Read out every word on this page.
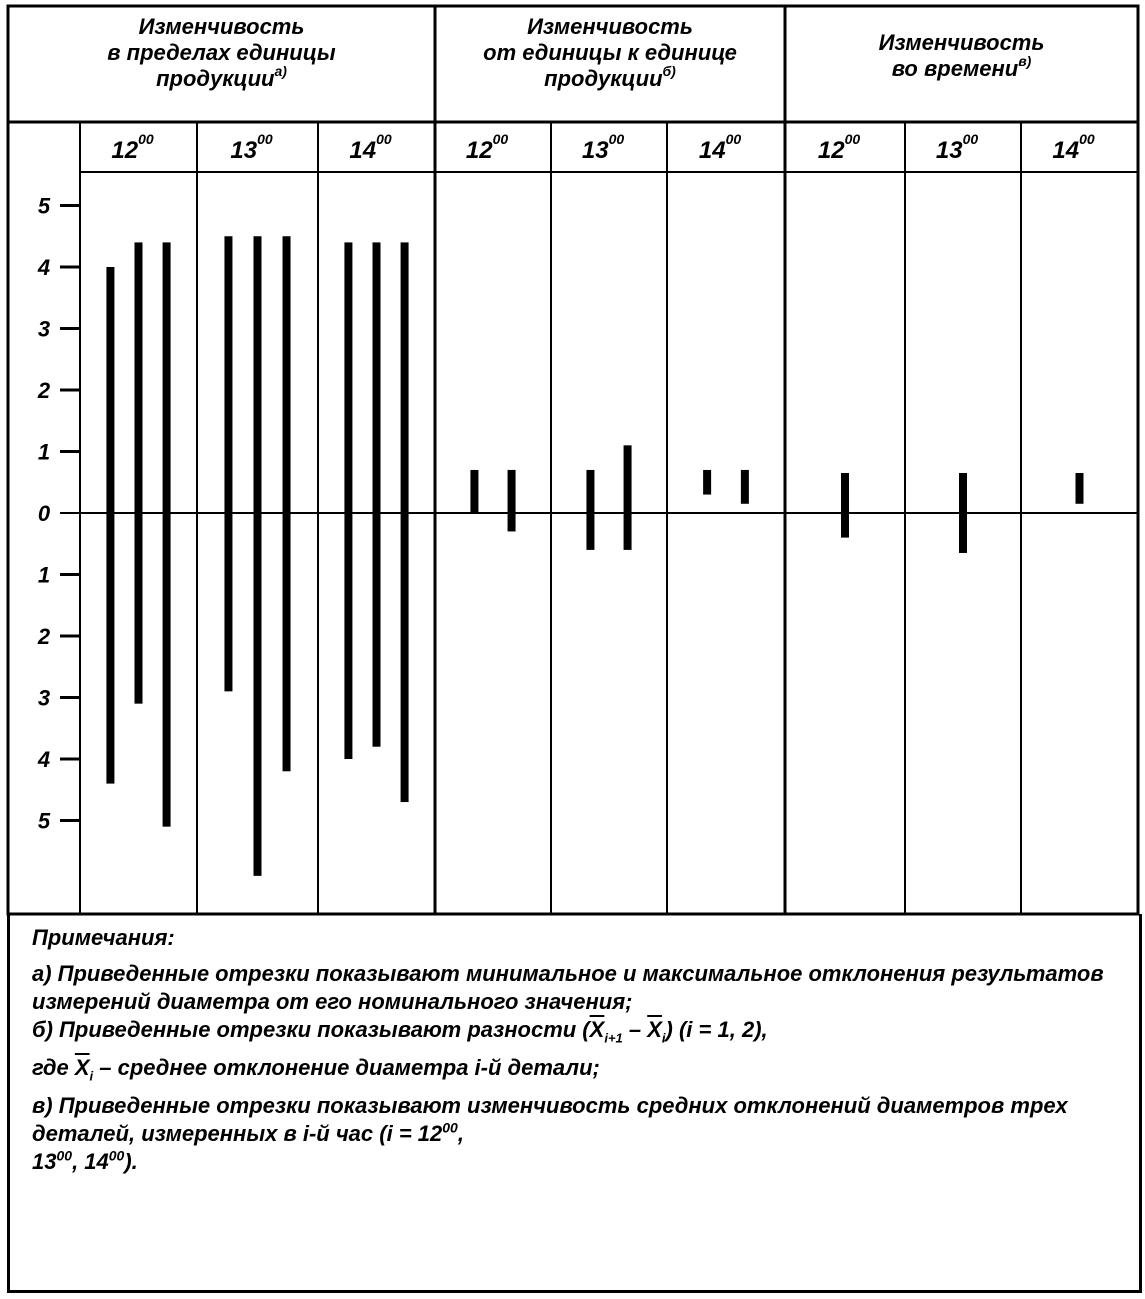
Изменчивость
в пределах единицы
продукции$^{а)}$
Изменчивость
от единицы к единице
продукции$^{б)}$
Изменчивость
во времени$^{в)}$
$12^{00}$	$13^{00}$	$14^{00}$	$12^{00}$	$13^{00}$	$14^{00}$	$12^{00}$	$13^{00}$	$14^{00}$
5
4
3
2
1
0
1
2
3
4
5
Примечания:
а) Приведенные отрезки показывают минимальное и максимальное отклонения результатов измерений диаметра от его номинального значения;
б) Приведенные отрезки показывают разности $(\overline{X}_{i+1} - \overline{X}_i) (i = 1$, 2),
где $\overline{X}_i$ – среднее отклонение диаметра i-й детали;
в) Приведенные отрезки показывают изменчивость средних отклонений диаметров трех деталей, измеренных в i-й час ($i = 12^{00}$,
$13^{00}$, $14^{00}$).
